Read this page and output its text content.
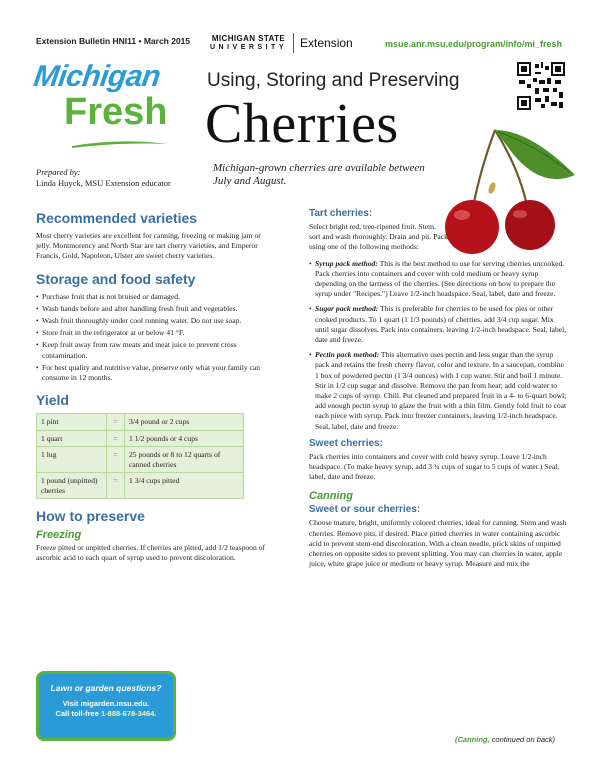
Extension Bulletin HNI11 • March 2015	MICHIGAN STATE
UNIVERSITY Extension	msue.anr.msu.edu/program/info/mi_fresh
Michigan
Fresh
Using, Storing and Preserving
Cherries
Michigan-grown cherries are available between July and August.
Prepared by:
Linda Huyck, MSU Extension educator
Recommended varieties

Most cherry varieties are excellent for canning, freezing or making jam or jelly. Montmorency and North Star are tart cherry varieties, and Emperor Francis, Gold, Napoleon, Ulster are sweet cherry varieties.

Storage and food safety
• Purchase fruit that is not bruised or damaged.
• Wash hands before and after handling fresh fruit and vegetables.
• Wash fruit thoroughly under cool running water. Do not use soap.
• Store fruit in the refrigerator at or below 41 °F.
• Keep fruit away from raw meats and meat juice to prevent cross contamination.
• For best quality and nutritive value, preserve only what your family can consume in 12 months.
Yield
1 pint	=	3/4 pound or 2 cups
1 quart	=	1 1/2 pounds or 4 cups
1 lug	=	25 pounds or 8 to 12 quarts of canned cherries
1 pound (unpitted) cherries	=	1 3/4 cups pitted
How to preserve
Freezing

Freeze pitted or unpitted cherries. If cherries are pitted, add 1/2 teaspoon of ascorbic acid to each quart of syrup used to prevent discoloration.

Lawn or garden questions?
Visit migarden.msu.edu.
Call toll-free 1-888-678-3464.
Tart cherries:

Select bright red, tree-ripened fruit. Stem, sort and wash thoroughly. Drain and pit. Pack using one of the following methods:

• Syrup pack method: This is the best method to use for serving cherries uncooked. Pack cherries into containers and cover with cold medium or heavy syrup depending on the tartness of the cherries. (See directions on how to prepare the syrup under "Recipes.") Leave 1/2-inch headspace. Seal, label, date and freeze.
• Sugar pack method: This is preferable for cherries to be used for pies or other cooked products. To 1 quart (1 1/3 pounds) of cherries, add 3/4 cup sugar. Mix until sugar dissolves. Pack into containers, leaving 1/2-inch headspace. Seal, label, date and freeze.
• Pectin pack method: This alternative uses pectin and less sugar than the syrup pack and retains the fresh cherry flavor, color and texture. In a saucepan, combine 1 box of powdered pectin (1 3/4 ounces) with 1 cup water. Stir and boil 1 minute. Stir in 1/2 cup sugar and dissolve. Remove the pan from heat; add cold water to make 2 cups of syrup. Chill. Put cleaned and prepared fruit in a 4- to 6-quart bowl; add enough pectin syrup to glaze the fruit with a thin film. Gently fold fruit to coat each piece with syrup. Pack into freezer containers, leaving 1/2-inch headspace. Seal, label, date and freeze.
Sweet cherries:

Pack cherries into containers and cover with cold heavy syrup. Leave 1/2-inch headspace. (To make heavy syrup, add 3 ¾ cups of sugar to 5 cups of water.) Seal, label, date and freeze.

Canning
Sweet or sour cherries:

Choose mature, bright, uniformly colored cherries, ideal for canning. Stem and wash cherries. Remove pits, if desired. Place pitted cherries in water containing ascorbic acid to prevent stem-end discoloration. With a clean needle, prick skins of unpitted cherries on opposite sides to prevent splitting. You may can cherries in water, apple juice, white grape juice or medium or heavy syrup. Measure and mix the

(Canning, continued on back)
